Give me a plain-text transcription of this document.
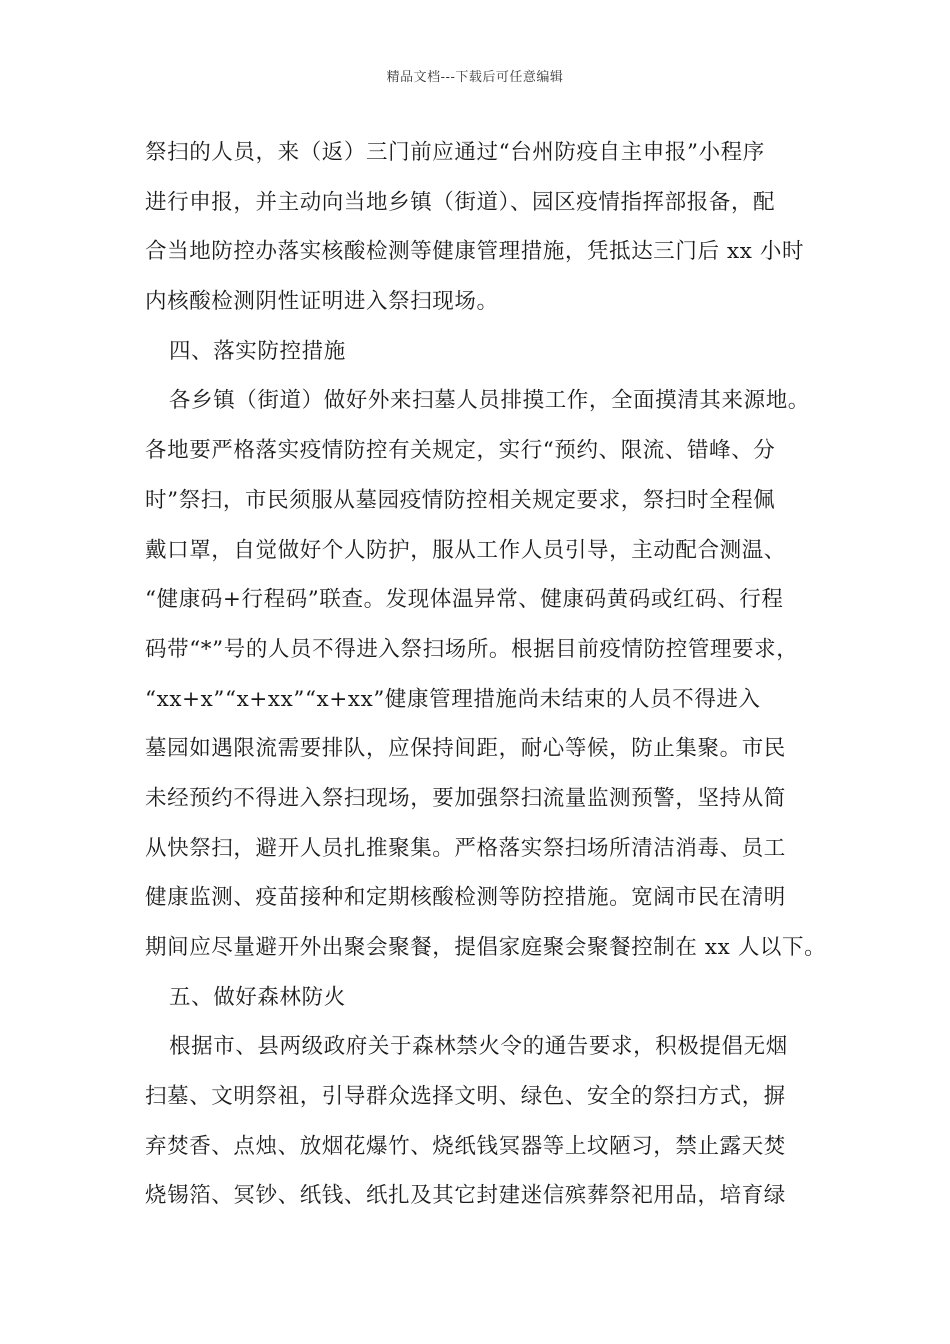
精品文档---下载后可任意编辑
祭扫的人员，来（返）三门前应通过“台州防疫自主申报”小程序
进行申报，并主动向当地乡镇（街道）、园区疫情指挥部报备，配
合当地防控办落实核酸检测等健康管理措施，凭抵达三门后 xx 小时
内核酸检测阴性证明进入祭扫现场。
四、落实防控措施
各乡镇（街道）做好外来扫墓人员排摸工作，全面摸清其来源地。
各地要严格落实疫情防控有关规定，实行“预约、限流、错峰、分
时”祭扫，市民须服从墓园疫情防控相关规定要求，祭扫时全程佩
戴口罩，自觉做好个人防护，服从工作人员引导，主动配合测温、
“健康码+行程码”联查。发现体温异常、健康码黄码或红码、行程
码带“*”号的人员不得进入祭扫场所。根据目前疫情防控管理要求，
“xx+x”“x+xx”“x+xx”健康管理措施尚未结束的人员不得进入
墓园如遇限流需要排队，应保持间距，耐心等候，防止集聚。市民
未经预约不得进入祭扫现场，要加强祭扫流量监测预警，坚持从简
从快祭扫，避开人员扎推聚集。严格落实祭扫场所清洁消毒、员工
健康监测、疫苗接种和定期核酸检测等防控措施。宽阔市民在清明
期间应尽量避开外出聚会聚餐，提倡家庭聚会聚餐控制在 xx 人以下。
五、做好森林防火
根据市、县两级政府关于森林禁火令的通告要求，积极提倡无烟
扫墓、文明祭祖，引导群众选择文明、绿色、安全的祭扫方式，摒
弃焚香、点烛、放烟花爆竹、烧纸钱冥器等上坟陋习，禁止露天焚
烧锡箔、冥钞、纸钱、纸扎及其它封建迷信殡葬祭祀用品，培育绿
